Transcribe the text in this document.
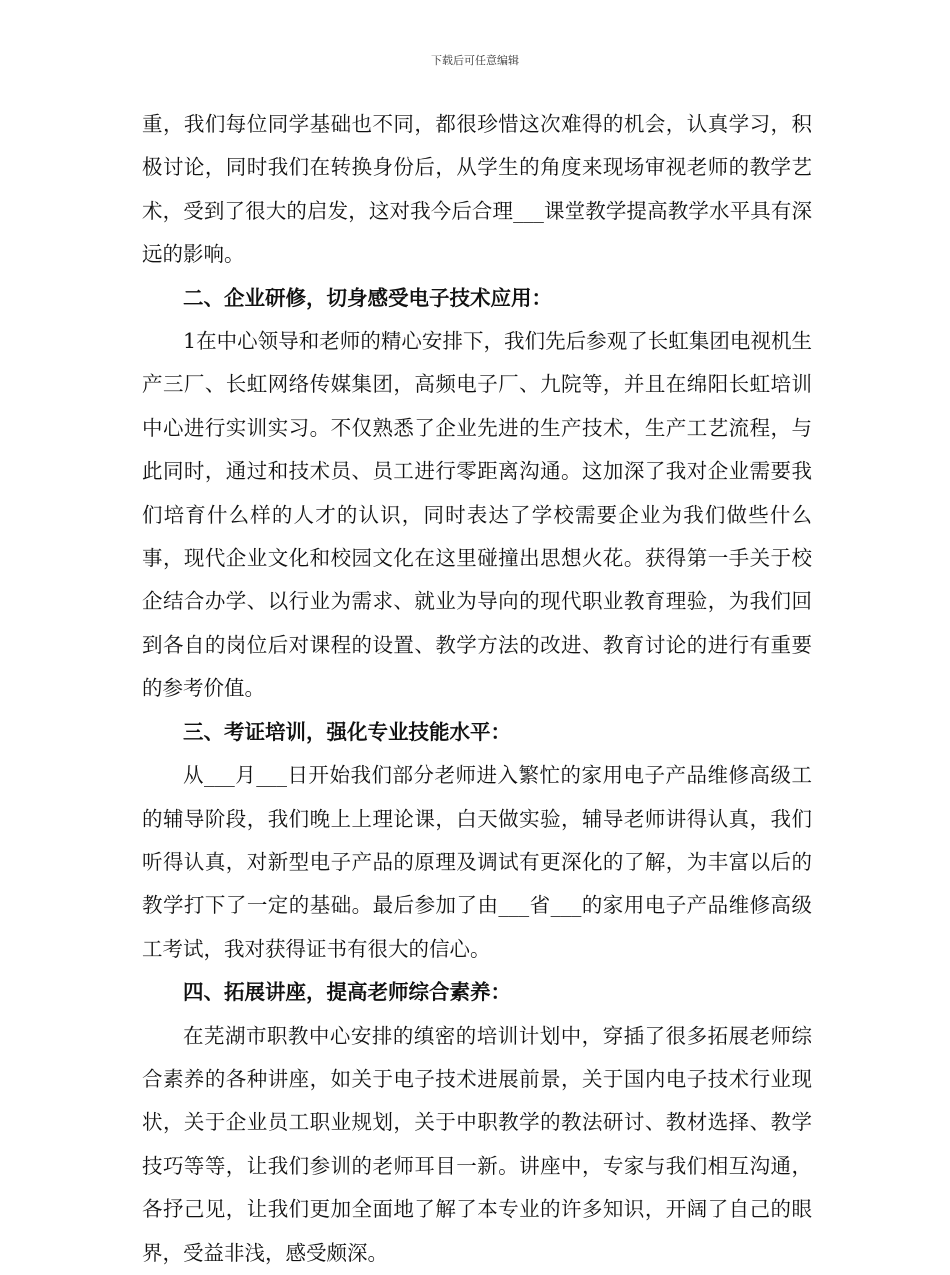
下载后可任意编辑

重，我们每位同学基础也不同，都很珍惜这次难得的机会，认真学习，积极讨论，同时我们在转换身份后，从学生的角度来现场审视老师的教学艺术，受到了很大的启发，这对我今后合理___课堂教学提高教学水平具有深远的影响。

二、企业研修，切身感受电子技术应用：

1在中心领导和老师的精心安排下，我们先后参观了长虹集团电视机生产三厂、长虹网络传媒集团，高频电子厂、九院等，并且在绵阳长虹培训中心进行实训实习。不仅熟悉了企业先进的生产技术，生产工艺流程，与此同时，通过和技术员、员工进行零距离沟通。这加深了我对企业需要我们培育什么样的人才的认识，同时表达了学校需要企业为我们做些什么事，现代企业文化和校园文化在这里碰撞出思想火花。获得第一手关于校企结合办学、以行业为需求、就业为导向的现代职业教育理验，为我们回到各自的岗位后对课程的设置、教学方法的改进、教育讨论的进行有重要的参考价值。

三、考证培训，强化专业技能水平：

从___月___日开始我们部分老师进入繁忙的家用电子产品维修高级工的辅导阶段，我们晚上上理论课，白天做实验，辅导老师讲得认真，我们听得认真，对新型电子产品的原理及调试有更深化的了解，为丰富以后的教学打下了一定的基础。最后参加了由___省___的家用电子产品维修高级工考试，我对获得证书有很大的信心。

四、拓展讲座，提高老师综合素养：

在芜湖市职教中心安排的缜密的培训计划中，穿插了很多拓展老师综合素养的各种讲座，如关于电子技术进展前景，关于国内电子技术行业现状，关于企业员工职业规划，关于中职教学的教法研讨、教材选择、教学技巧等等，让我们参训的老师耳目一新。讲座中，专家与我们相互沟通，各抒己见，让我们更加全面地了解了本专业的许多知识，开阔了自己的眼界，受益非浅，感受颇深。
